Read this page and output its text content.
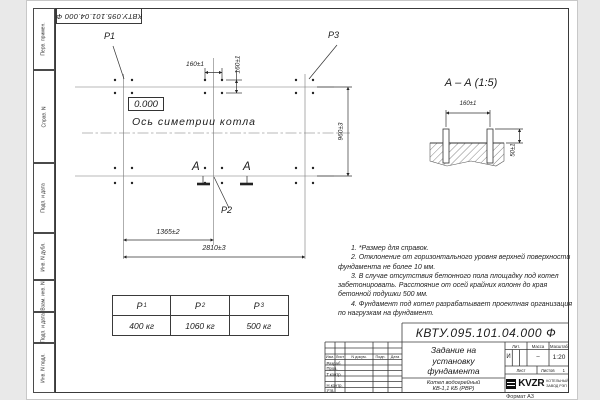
Перв. примен.
Справ. N
Подп. и дата
Инв. N дубл.
Взам. инв. N
Подп. и дата
Инв. N подл.
КВТУ.095.101.04.000 Ф
P1	P3
P2
0.000
Ось симетрии котла
160±1	160±1
960±3
1365±2
2810±3
А	А
А – А (1:5)
160±1
50±1
P 1	P 2	P 3
400 кг	1060 кг	500 кг
1. *Размер для справок.
2. Отклонение от горизонтального уровня верхней поверхности фундамента не более 10 мм.
3. В случае отсутствия бетонного пола площадку под котел забетонировать. Расстояние от осей крайних колонн до края бетонной подушки 500 мм.
4. Фундамент под котел разрабатывает проектная организация по нагрузкам на фундамент.
КВТУ.095.101.04.000 Ф
Задание на
установку
фундамента
Котел водогрейный
КВ-1,1 КБ (РВР)
Лит.	Масса	Масштаб
И	–	1:20
Лист	Листов 1
KVZR КОТЕЛЬНЫЙ
ЗАВОД РЭП
Изм. Лист	N докум.	Подп.	Дата
Разраб.
Пров.
Т.контр.
Н.контр.
Утв.
Формат А3
